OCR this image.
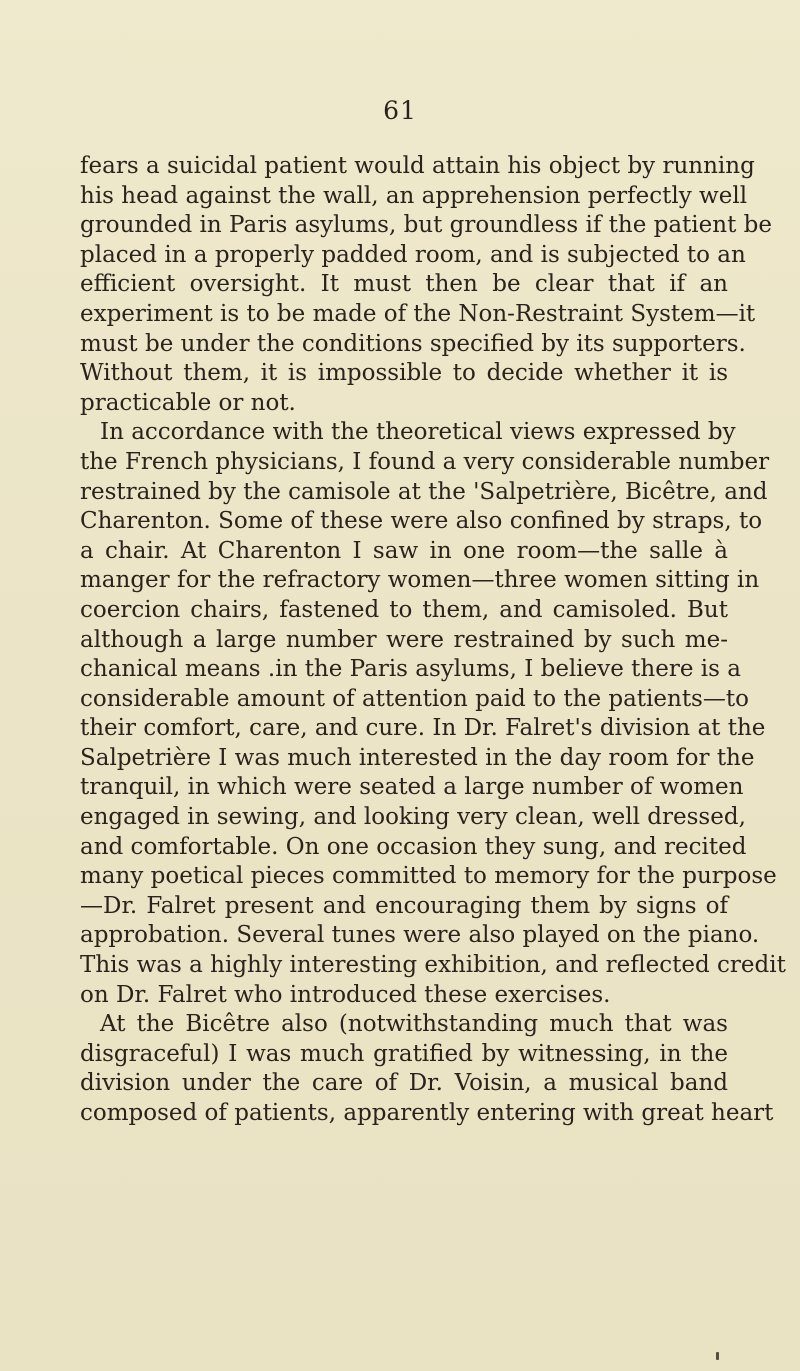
61
fears a suicidal patient would attain his object by running
his head against the wall, an apprehension perfectly well
grounded in Paris asylums, but groundless if the patient be
placed in a properly padded room, and is subjected to an
efficient oversight. It must then be clear that if an
experiment is to be made of the Non-Restraint System—it
must be under the conditions specified by its supporters.
Without them, it is impossible to decide whether it is
practicable or not.
In accordance with the theoretical views expressed by
the French physicians, I found a very considerable number
restrained by the camisole at the 'Salpetrière, Bicêtre, and
Charenton. Some of these were also confined by straps, to
a chair. At Charenton I saw in one room—the salle à
manger for the refractory women—three women sitting in
coercion chairs, fastened to them, and camisoled. But
although a large number were restrained by such me-
chanical means .in the Paris asylums, I believe there is a
considerable amount of attention paid to the patients—to
their comfort, care, and cure. In Dr. Falret's division at the
Salpetrière I was much interested in the day room for the
tranquil, in which were seated a large number of women
engaged in sewing, and looking very clean, well dressed,
and comfortable. On one occasion they sung, and recited
many poetical pieces committed to memory for the purpose
—Dr. Falret present and encouraging them by signs of
approbation. Several tunes were also played on the piano.
This was a highly interesting exhibition, and reflected credit
on Dr. Falret who introduced these exercises.
At the Bicêtre also (notwithstanding much that was
disgraceful) I was much gratified by witnessing, in the
division under the care of Dr. Voisin, a musical band
composed of patients, apparently entering with great heart
